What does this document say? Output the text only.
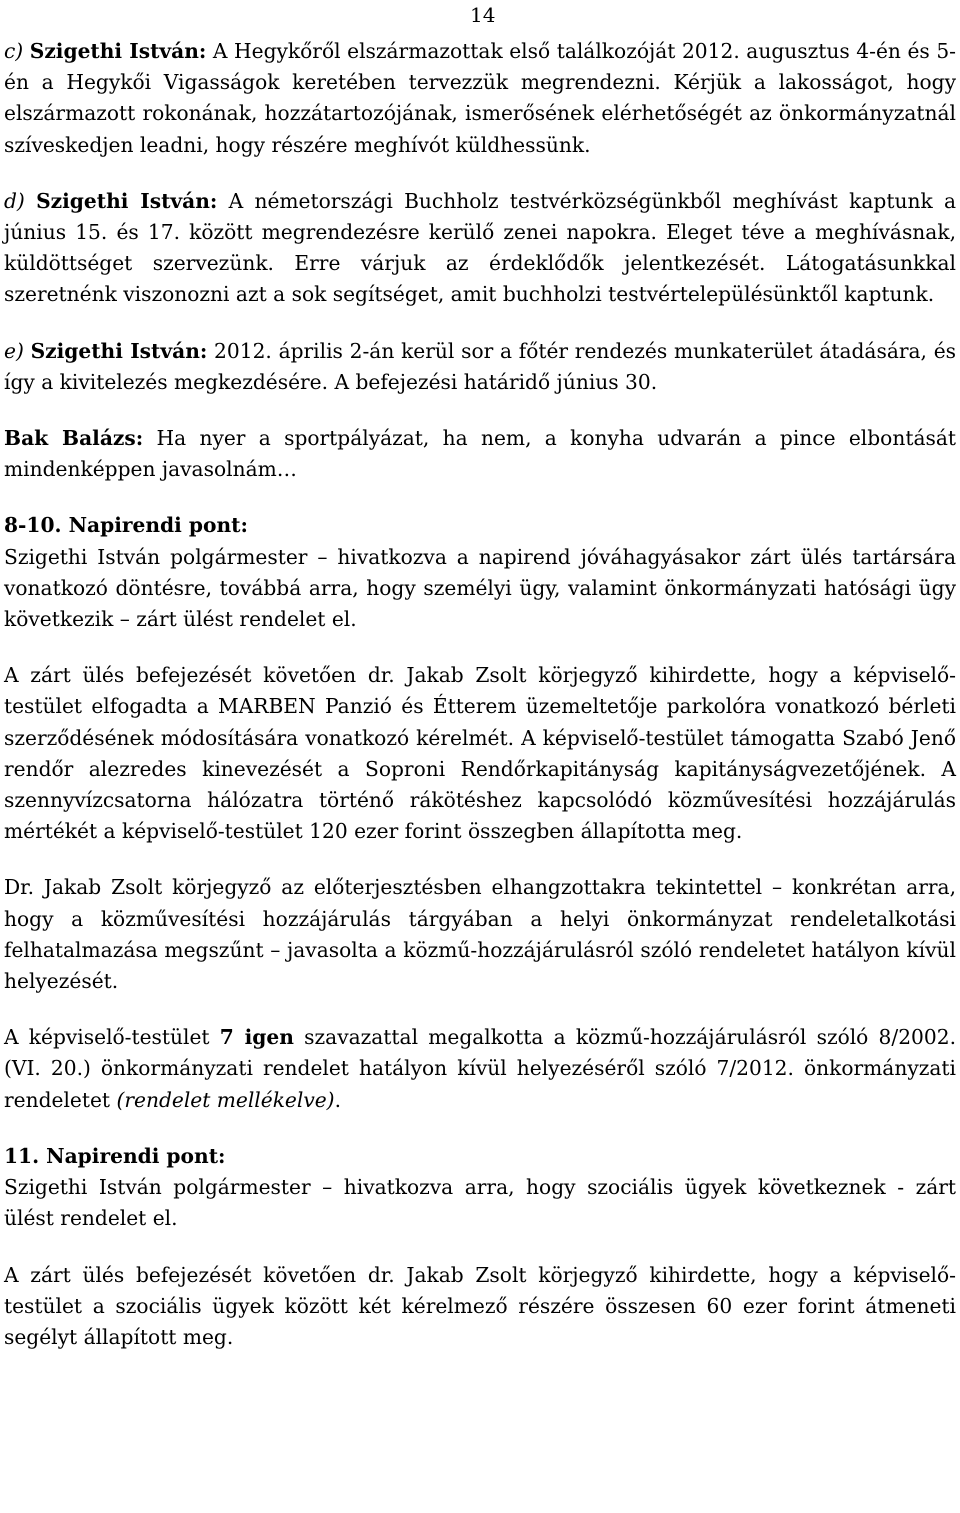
14

c) Szigethi István: A Hegykőről elszármazottak első találkozóját 2012. augusztus 4-én és 5-én a Hegykői Vigasságok keretében tervezzük megrendezni. Kérjük a lakosságot, hogy elszármazott rokonának, hozzátartozójának, ismerősének elérhetőségét az önkormányzatnál szíveskedjen leadni, hogy részére meghívót küldhessünk.

d) Szigethi István: A németországi Buchholz testvérközségünkből meghívást kaptunk a június 15. és 17. között megrendezésre kerülő zenei napokra. Eleget téve a meghívásnak, küldöttséget szervezünk. Erre várjuk az érdeklődők jelentkezését. Látogatásunkkal szeretnénk viszonozni azt a sok segítséget, amit buchholzi testvértelepülésünktől kaptunk.

e) Szigethi István: 2012. április 2-án kerül sor a főtér rendezés munkaterület átadására, és így a kivitelezés megkezdésére. A befejezési határidő június 30.

Bak Balázs: Ha nyer a sportpályázat, ha nem, a konyha udvarán a pince elbontását mindenképpen javasolnám…

8-10. Napirendi pont:
Szigethi István polgármester – hivatkozva a napirend jóváhagyásakor zárt ülés tartársára vonatkozó döntésre, továbbá arra, hogy személyi ügy, valamint önkormányzati hatósági ügy következik – zárt ülést rendelet el.

A zárt ülés befejezését követően dr. Jakab Zsolt körjegyző kihirdette, hogy a képviselő-testület elfogadta a MARBEN Panzió és Étterem üzemeltetője parkolóra vonatkozó bérleti szerződésének módosítására vonatkozó kérelmét. A képviselő-testület támogatta Szabó Jenő rendőr alezredes kinevezését a Soproni Rendőrkapitányság kapitányságvezetőjének. A szennyvízcsatorna hálózatra történő rákötéshez kapcsolódó közművesítési hozzájárulás mértékét a képviselő-testület 120 ezer forint összegben állapította meg.

Dr. Jakab Zsolt körjegyző az előterjesztésben elhangzottakra tekintettel – konkrétan arra, hogy a közművesítési hozzájárulás tárgyában a helyi önkormányzat rendeletalkotási felhatalmazása megszűnt – javasolta a közmű-hozzájárulásról szóló rendeletet hatályon kívül helyezését.

A képviselő-testület 7 igen szavazattal megalkotta a közmű-hozzájárulásról szóló 8/2002.(VI. 20.) önkormányzati rendelet hatályon kívül helyezéséről szóló 7/2012. önkormányzati rendeletet (rendelet mellékelve).

11. Napirendi pont:
Szigethi István polgármester – hivatkozva arra, hogy szociális ügyek következnek - zárt ülést rendelet el.

A zárt ülés befejezését követően dr. Jakab Zsolt körjegyző kihirdette, hogy a képviselő-testület a szociális ügyek között két kérelmező részére összesen 60 ezer forint átmeneti segélyt állapított meg.
